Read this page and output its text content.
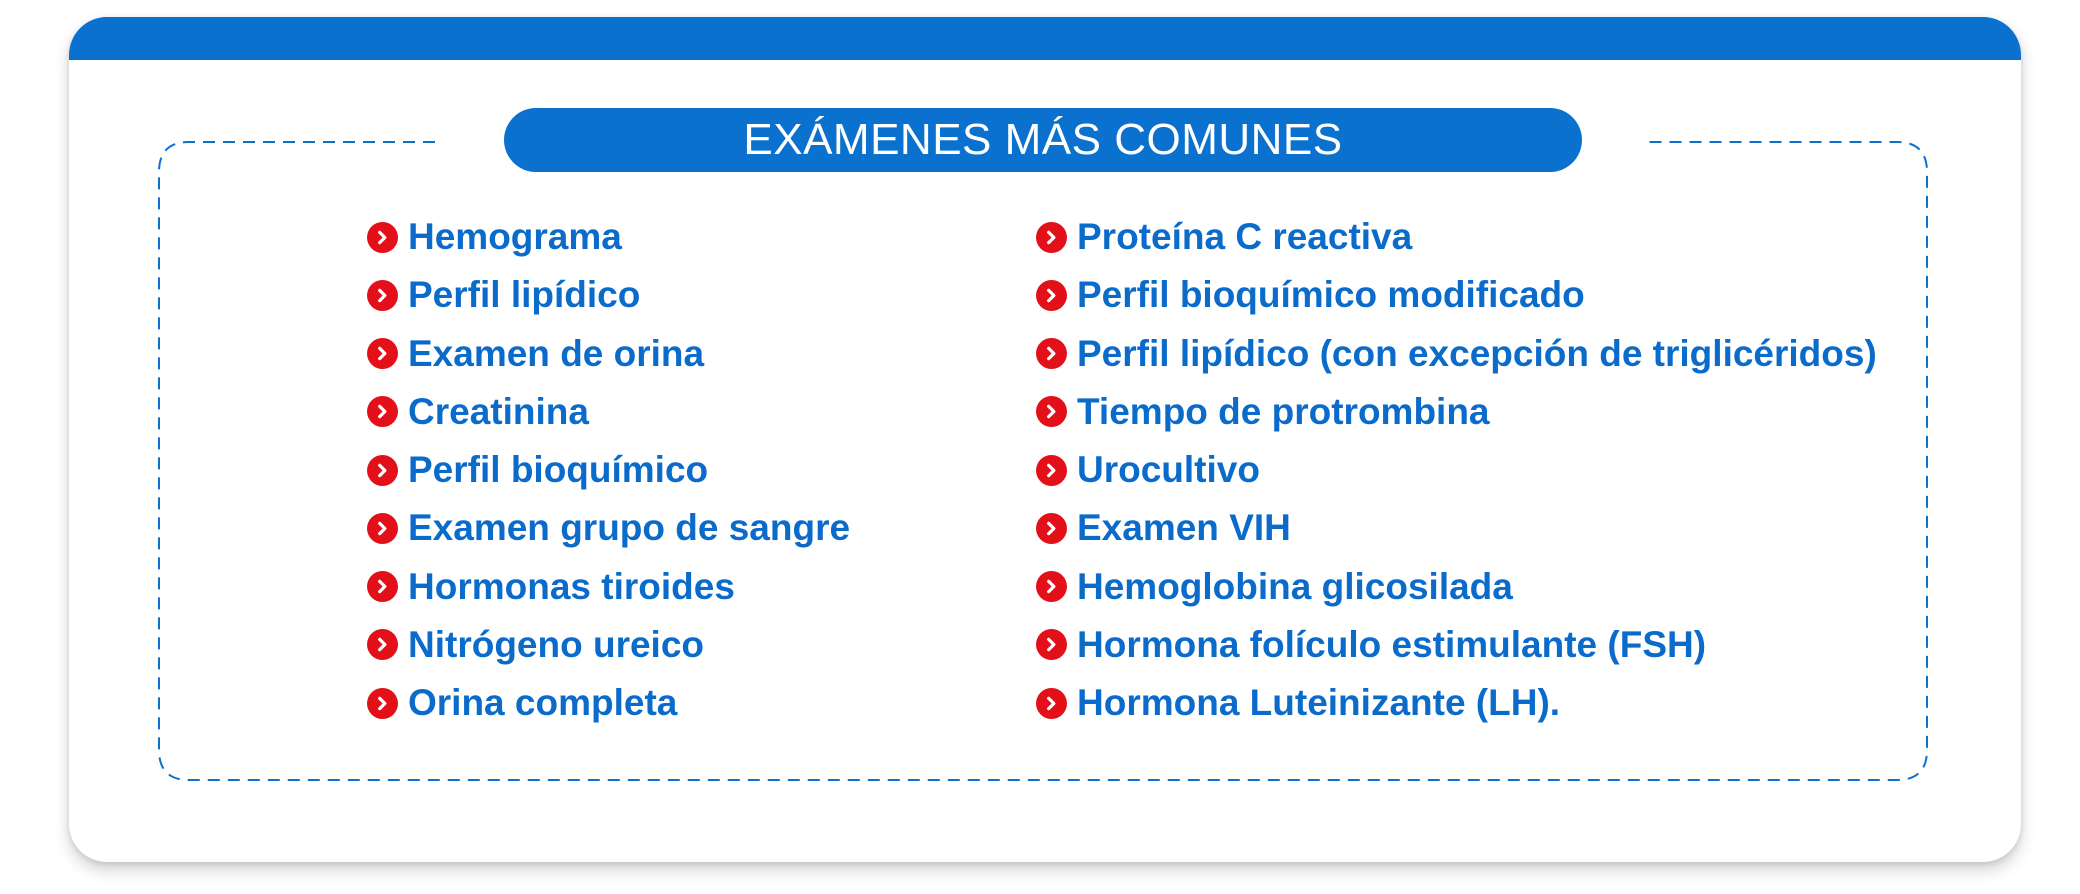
EXÁMENES MÁS COMUNES
Hemograma
Perfil lipídico
Examen de orina
Creatinina
Perfil bioquímico
Examen grupo de sangre
Hormonas tiroides
Nitrógeno ureico
Orina completa
Proteína C reactiva
Perfil bioquímico modificado
Perfil lipídico (con excepción de triglicéridos)
Tiempo de protrombina
Urocultivo
Examen VIH
Hemoglobina glicosilada
Hormona folículo estimulante (FSH)
Hormona Luteinizante (LH).
